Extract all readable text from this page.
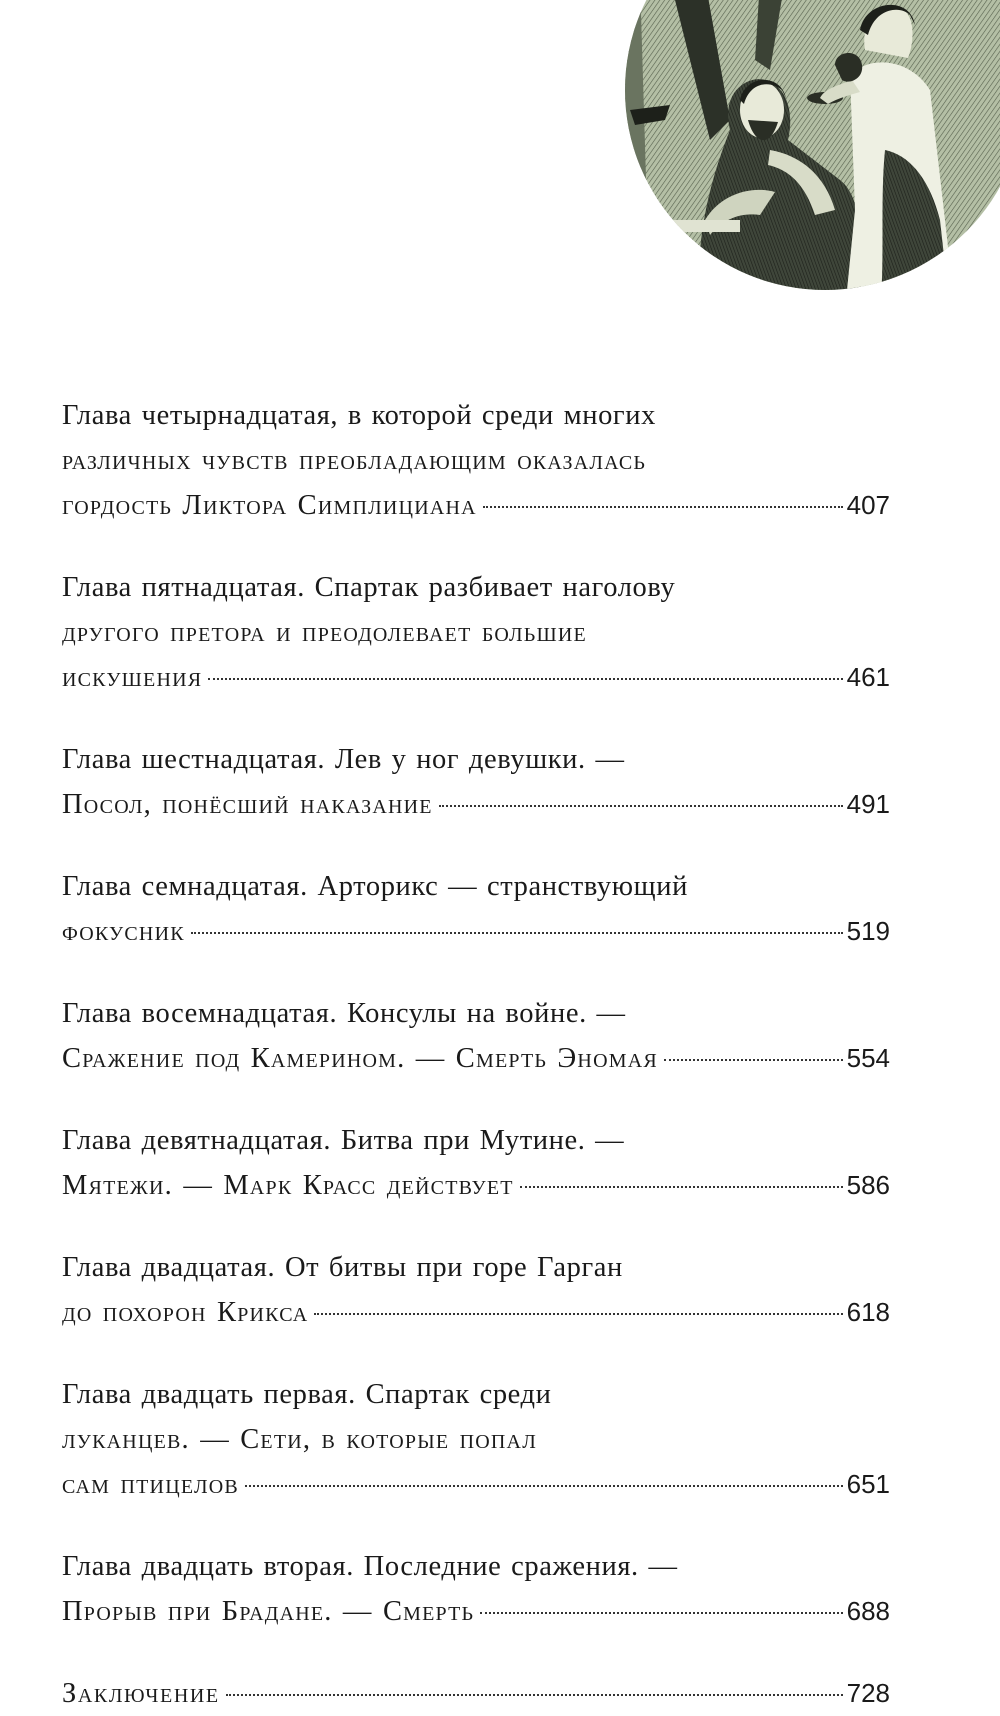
Глава четырнадцатая, в которой среди многих
различных чувств преобладающим оказалась
гордость Ликтора Симплициана	407
Глава пятнадцатая. Спартак разбивает наголову
другого претора и преодолевает большие
искушения	461
Глава шестнадцатая. Лев у ног девушки. —
Посол, понёсший наказание	491
Глава семнадцатая. Арторикс — странствующий
фокусник	519
Глава восемнадцатая. Консулы на войне. —
Сражение под Камерином. — Смерть Эномая	554
Глава девятнадцатая. Битва при Мутине. —
Мятежи. — Марк Красс действует	586
Глава двадцатая. От битвы при горе Гарган
до похорон Крикса	618
Глава двадцать первая. Спартак среди
луканцев. — Сети, в которые попал
сам птицелов	651
Глава двадцать вторая. Последние сражения. —
Прорыв при Брадане. — Смерть	688
Заключение	728
